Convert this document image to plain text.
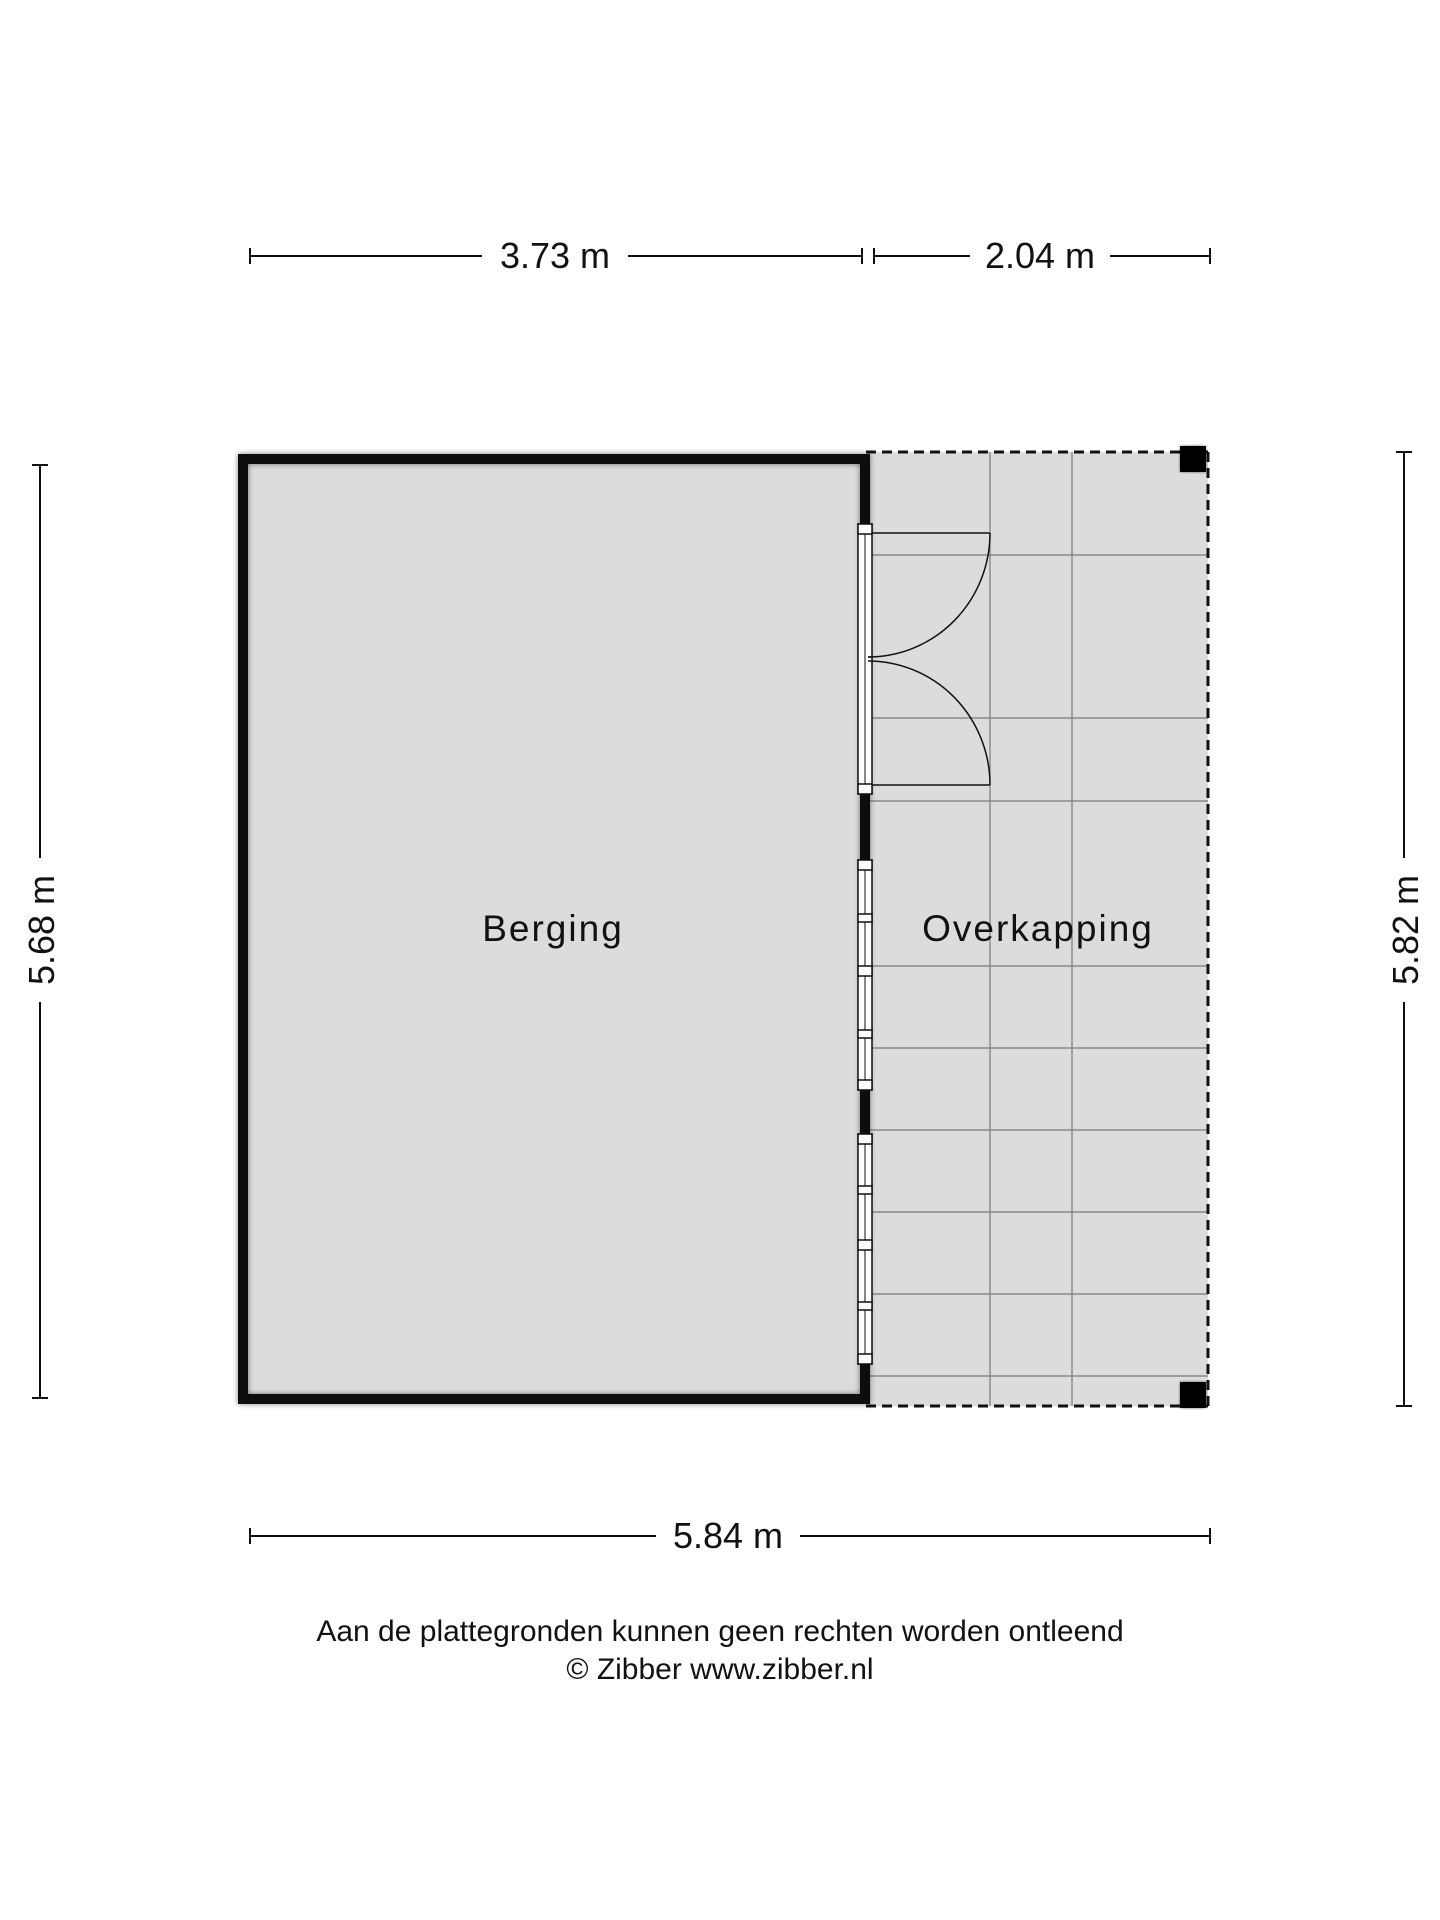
3.73 m	2.04 m
5.84 m
5.68 m	5.82 m
Berging	Overkapping
Aan de plattegronden kunnen geen rechten worden ontleend
© Zibber www.zibber.nl
